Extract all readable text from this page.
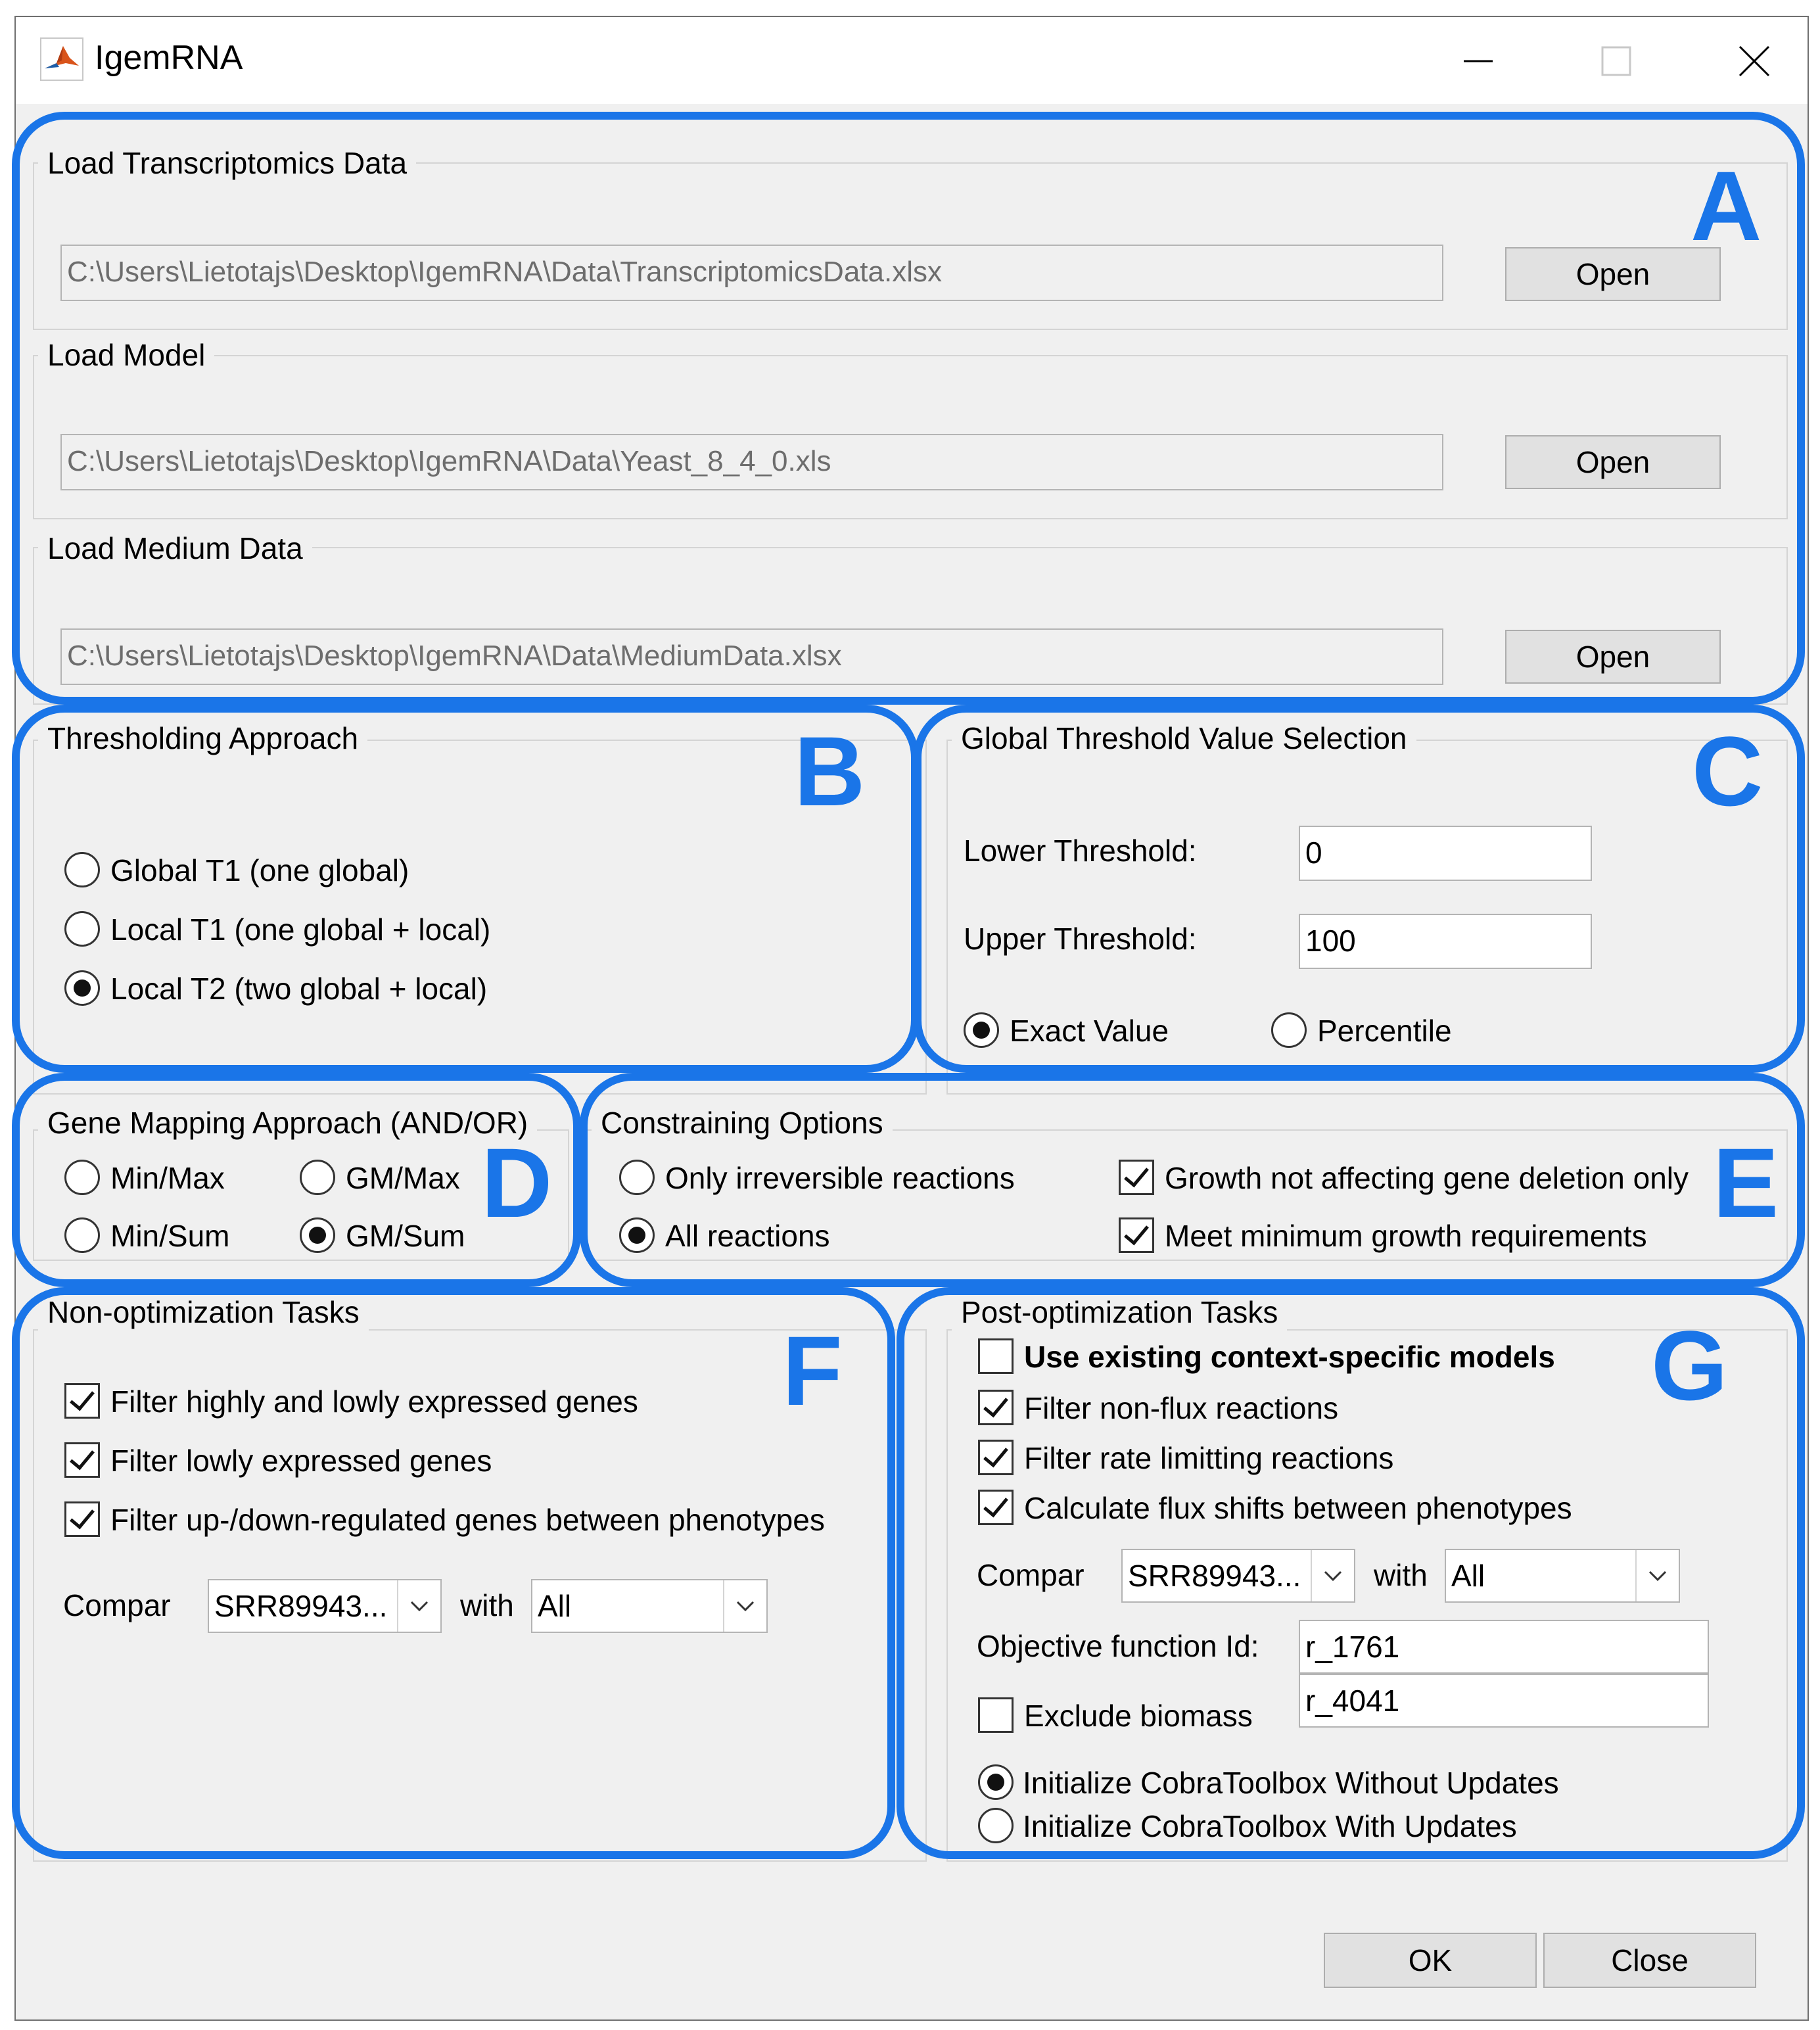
IgemRNA
Load Transcriptomics Data
C:\Users\Lietotajs\Desktop\IgemRNA\Data\TranscriptomicsData.xlsx	Open
Load Model
C:\Users\Lietotajs\Desktop\IgemRNA\Data\Yeast_8_4_0.xls	Open
Load Medium Data
C:\Users\Lietotajs\Desktop\IgemRNA\Data\MediumData.xlsx	Open
Thresholding Approach
Global T1 (one global)
Local T1 (one global + local)
Local T2 (two global + local)
Global Threshold Value Selection
Lower Threshold:	0
Upper Threshold:	100
Exact Value	Percentile
Gene Mapping Approach (AND/OR)
Min/Max	GM/Max
Min/Sum	GM/Sum
Constraining Options
Only irreversible reactions
All reactions
Growth not affecting gene deletion only
Meet minimum growth requirements
Non-optimization Tasks
Filter highly and lowly expressed genes
Filter lowly expressed genes
Filter up-/down-regulated genes between phenotypes
Compar SRR89943... with All
Post-optimization Tasks
Use existing context-specific models
Filter non-flux reactions
Filter rate limitting reactions
Calculate flux shifts between phenotypes
Compar SRR89943... with All
Objective function Id: r_1761
r_4041
Exclude biomass
Initialize CobraToolbox Without Updates
Initialize CobraToolbox With Updates
OK	Close
A
B	C
D	E
F	G
